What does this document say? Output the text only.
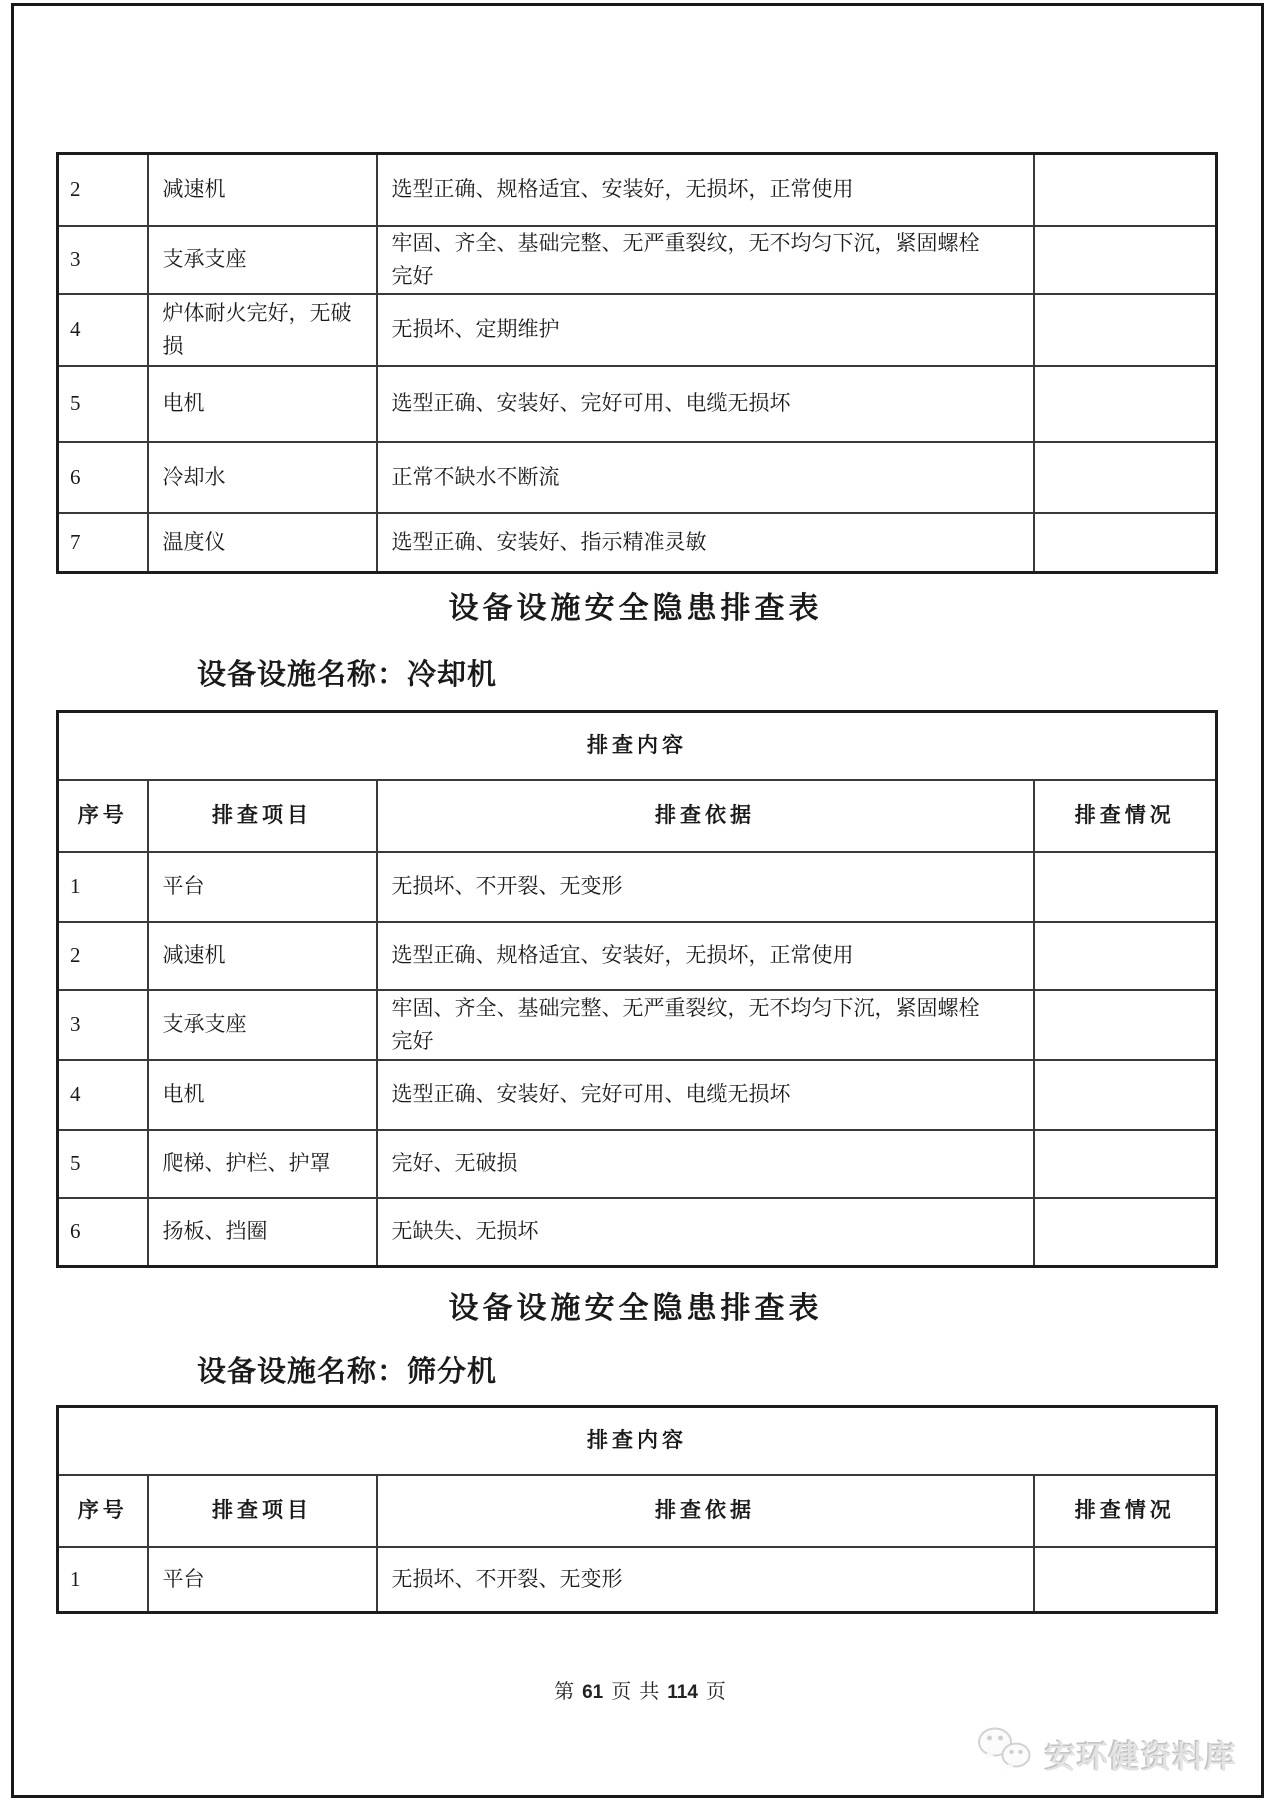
2	减速机	选型正确、规格适宜、安装好，无损坏，正常使用	
3	支承支座	牢固、齐全、基础完整、无严重裂纹，无不均匀下沉，紧固螺栓完好	
4	炉体耐火完好，无破损	无损坏、定期维护	
5	电机	选型正确、安装好、完好可用、电缆无损坏	
6	冷却水	正常不缺水不断流	
7	温度仪	选型正确、安装好、指示精准灵敏	
设备设施安全隐患排查表
设备设施名称：冷却机
排查内容			
序号	排查项目	排查依据	排查情况
1	平台	无损坏、不开裂、无变形	
2	减速机	选型正确、规格适宜、安装好，无损坏，正常使用	
3	支承支座	牢固、齐全、基础完整、无严重裂纹，无不均匀下沉，紧固螺栓完好	
4	电机	选型正确、安装好、完好可用、电缆无损坏	
5	爬梯、护栏、护罩	完好、无破损	
6	扬板、挡圈	无缺失、无损坏	
设备设施安全隐患排查表
设备设施名称：筛分机
排查内容			
序号	排查项目	排查依据	排查情况
1	平台	无损坏、不开裂、无变形	
第 61 页 共 114 页
安环健资料库
